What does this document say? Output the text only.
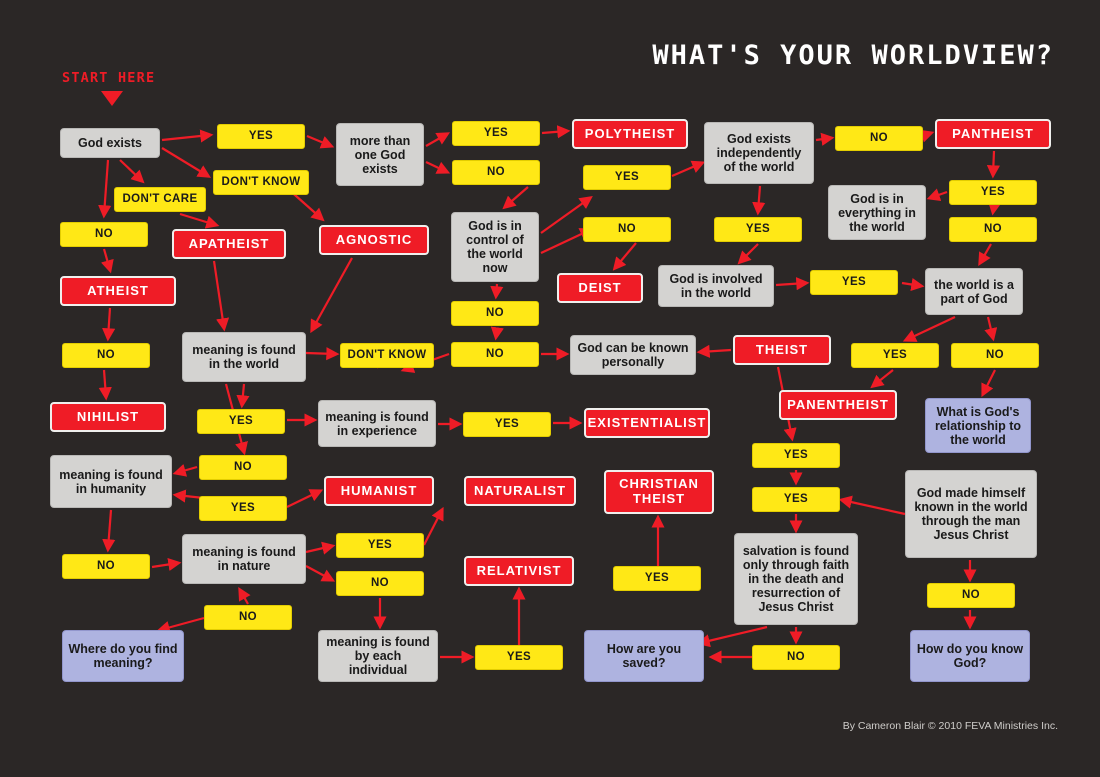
WHAT'S YOUR WORLDVIEW?
START HERE
By Cameron Blair © 2010 FEVA Ministries Inc.
God exists	YES
DON'T KNOW
DON'T CARE
NO
ATHEIST
APATHEIST	AGNOSTIC
more than one God exists
YES
NO
POLYTHEIST
God is in control of the world now
YES
NO
DEIST
NO
NO
God exists independently of the world
NO	PANTHEIST
God is in everything in the world
YES
NO
YES
God is involved in the world
YES	the world is a part of God
YES	NO
PANENTHEIST	What is God's relationship to the world
God can be known personally
THEIST
meaning is found in the world
DON'T KNOW
NO
NIHILIST	YES	meaning is found in experience	YES	EXISTENTIALIST
NO
meaning is found in humanity
YES
HUMANIST	NATURALIST	CHRISTIAN THEIST
YES
YES	God made himself known in the world through the man Jesus Christ
NO
meaning is found in nature
YES
NO
RELATIVIST
salvation is found only through faith in the death and resurrection of Jesus Christ
YES
NO
NO
Where do you find meaning?
meaning is found by each individual
YES
How are you saved?	NO
How do you know God?
